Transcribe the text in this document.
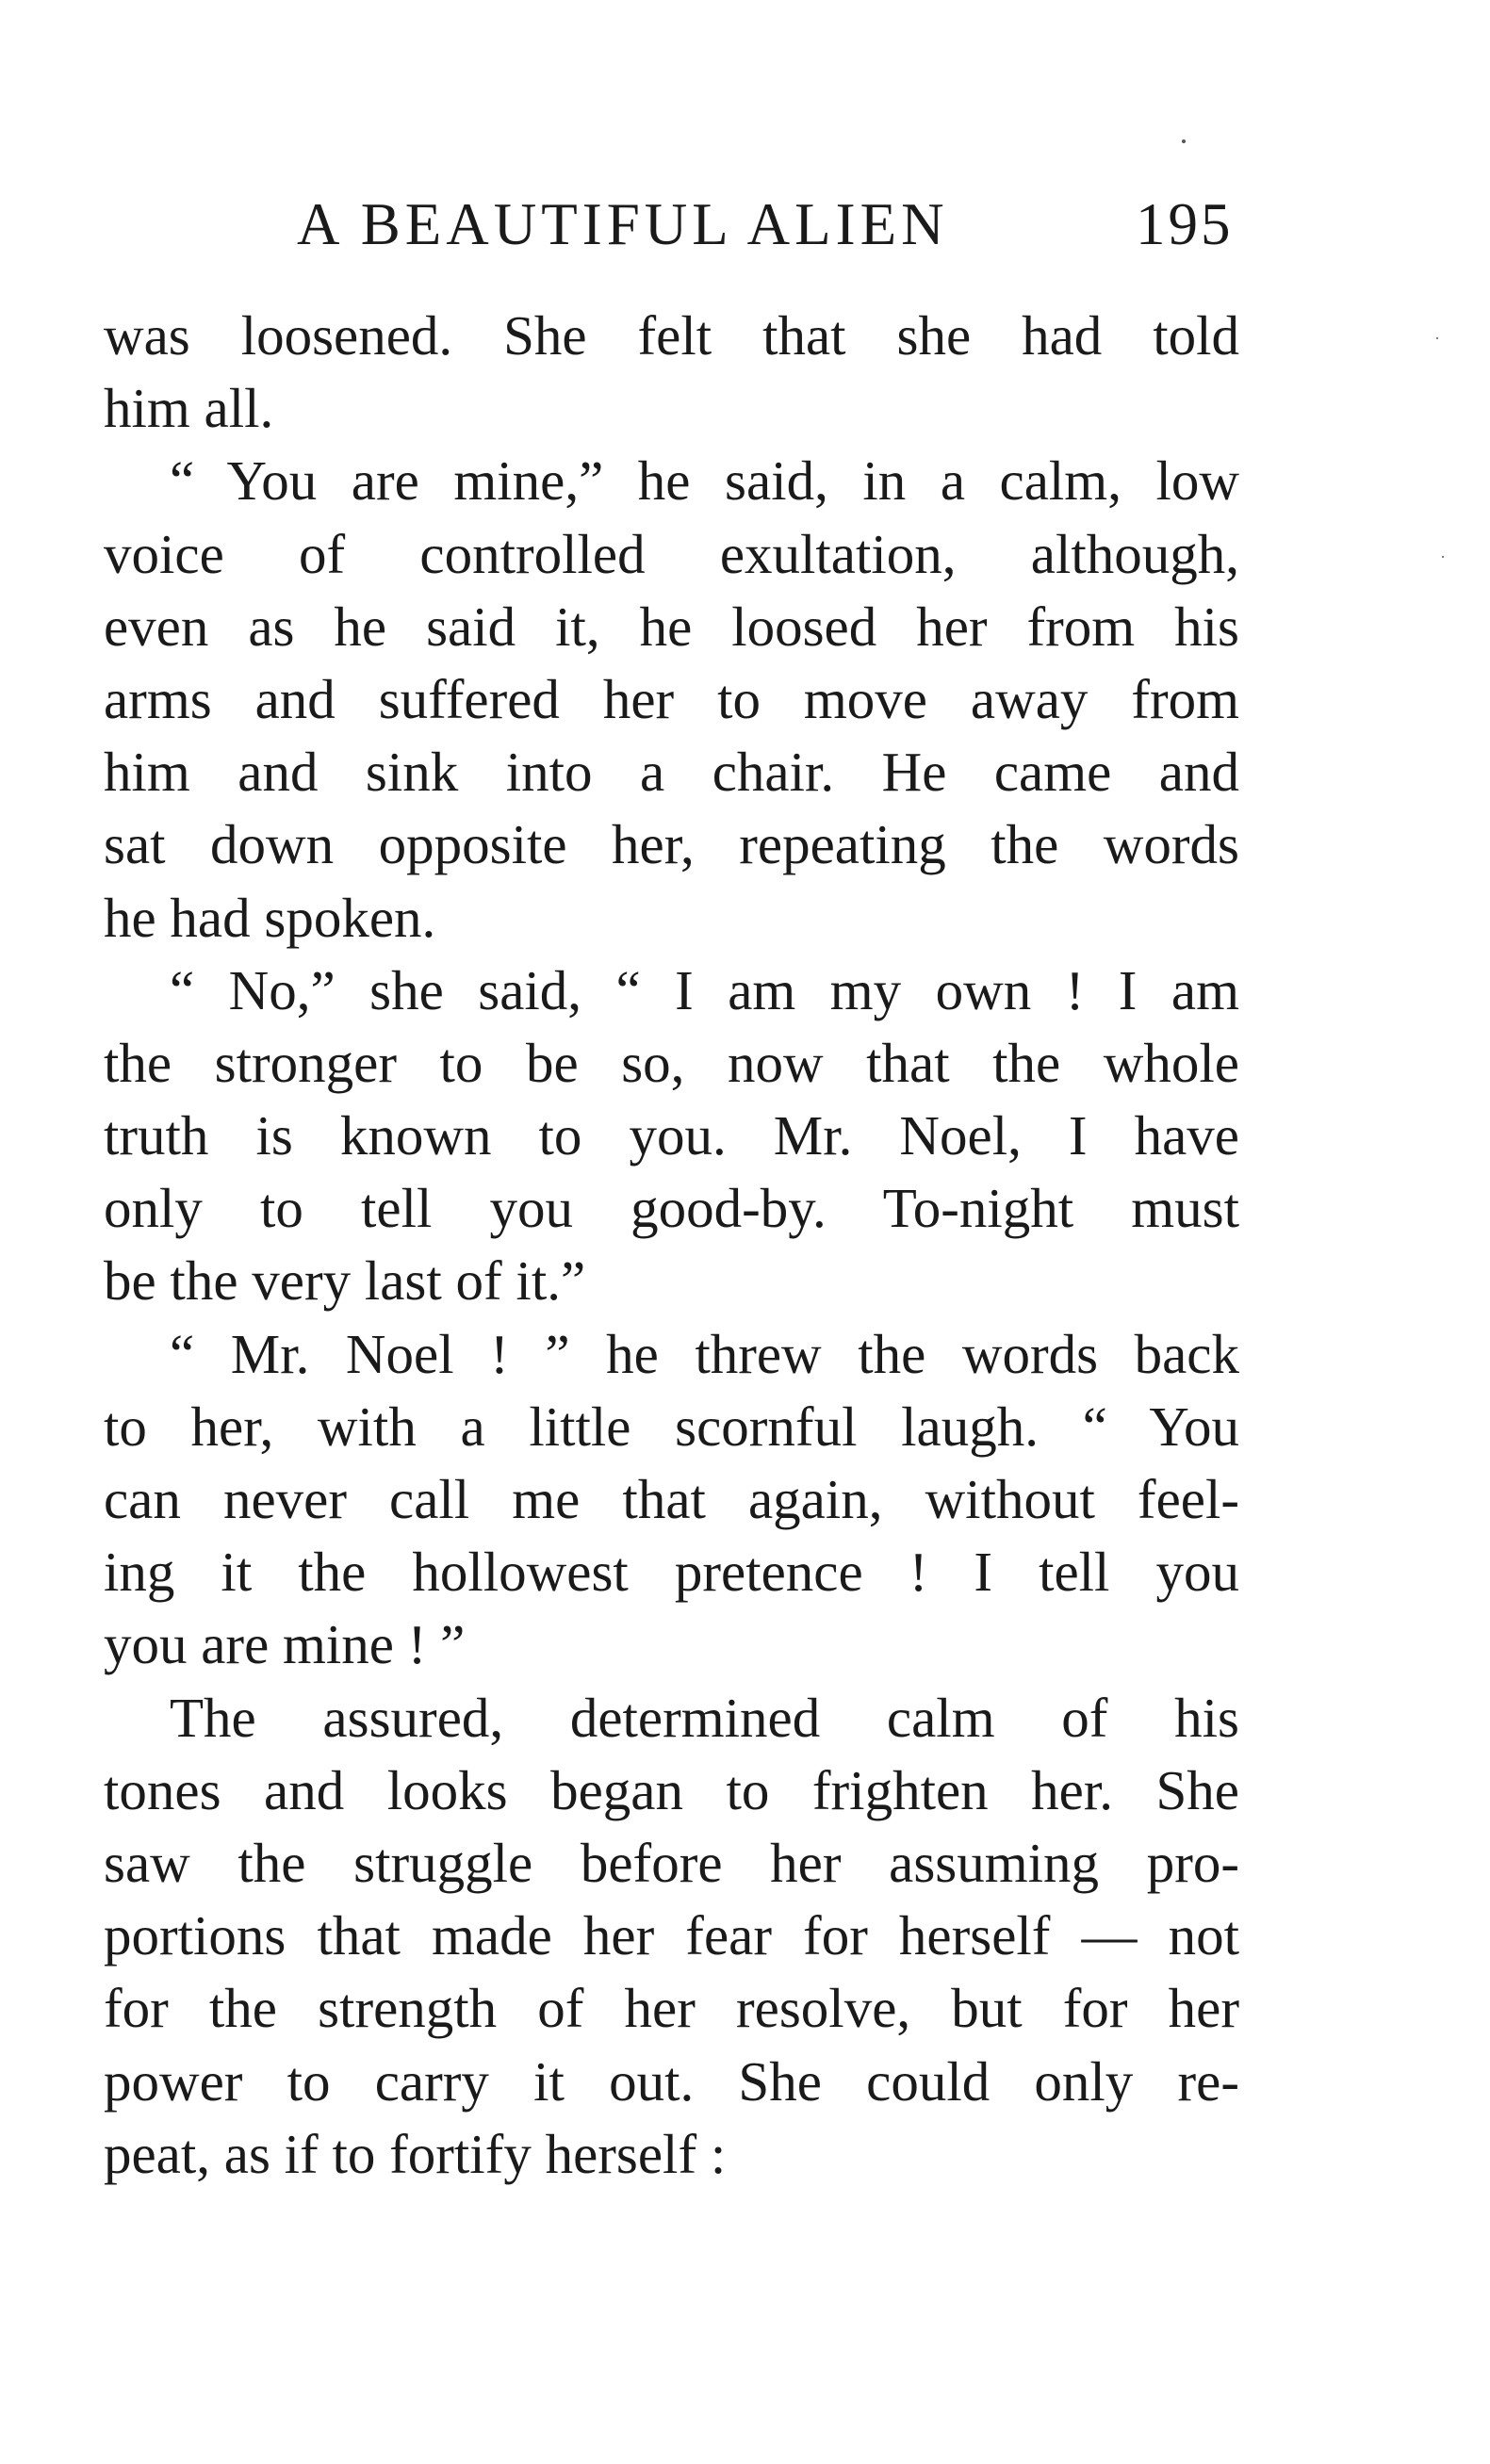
A BEAUTIFUL ALIEN	195
was loosened. She felt that she had told
him all.
“ You are mine,” he said, in a calm, low
voice of controlled exultation, although,
even as he said it, he loosed her from his
arms and suffered her to move away from
him and sink into a chair. He came and
sat down opposite her, repeating the words
he had spoken.
“ No,” she said, “ I am my own ! I am
the stronger to be so, now that the whole
truth is known to you. Mr. Noel, I have
only to tell you good-by. To-night must
be the very last of it.”
“ Mr. Noel ! ” he threw the words back
to her, with a little scornful laugh. “ You
can never call me that again, without feel-
ing it the hollowest pretence ! I tell you
you are mine ! ”
The assured, determined calm of his
tones and looks began to frighten her. She
saw the struggle before her assuming pro-
portions that made her fear for herself — not
for the strength of her resolve, but for her
power to carry it out. She could only re-
peat, as if to fortify herself :
